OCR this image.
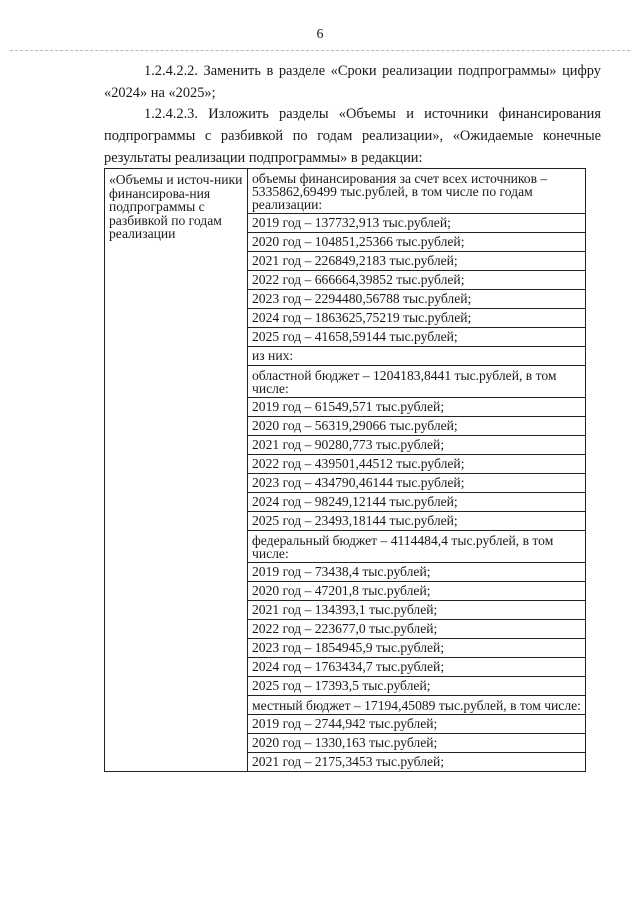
6

1.2.4.2.2. Заменить в разделе «Сроки реализации подпрограммы» цифру «2024» на «2025»;

1.2.4.2.3. Изложить разделы «Объемы и источники финансирования подпрограммы с разбивкой по годам реализации», «Ожидаемые конечные результаты реализации подпрограммы» в редакции:

«Объемы и источ-ники финансирова-ния подпрограммы с разбивкой по годам реализации	
объемы финансирования за счет всех источников – 5335862,69499 тыс.рублей, в том числе по годам реализации:
2019 год – 137732,913 тыс.рублей;
2020 год – 104851,25366 тыс.рублей;
2021 год – 226849,2183 тыс.рублей;
2022 год – 666664,39852 тыс.рублей;
2023 год – 2294480,56788 тыс.рублей;
2024 год – 1863625,75219 тыс.рублей;
2025 год – 41658,59144 тыс.рублей;
из них:
областной бюджет – 1204183,8441 тыс.рублей, в том числе:
2019 год – 61549,571 тыс.рублей;
2020 год – 56319,29066 тыс.рублей;
2021 год – 90280,773 тыс.рублей;
2022 год – 439501,44512 тыс.рублей;
2023 год – 434790,46144 тыс.рублей;
2024 год – 98249,12144 тыс.рублей;
2025 год – 23493,18144 тыс.рублей;
федеральный бюджет – 4114484,4 тыс.рублей, в том числе:
2019 год – 73438,4 тыс.рублей;
2020 год – 47201,8 тыс.рублей;
2021 год – 134393,1 тыс.рублей;
2022 год – 223677,0 тыс.рублей;
2023 год – 1854945,9 тыс.рублей;
2024 год – 1763434,7 тыс.рублей;
2025 год – 17393,5 тыс.рублей;
местный бюджет – 17194,45089 тыс.рублей, в том числе:
2019 год – 2744,942 тыс.рублей;
2020 год – 1330,163 тыс.рублей;
2021 год – 2175,3453 тыс.рублей;
